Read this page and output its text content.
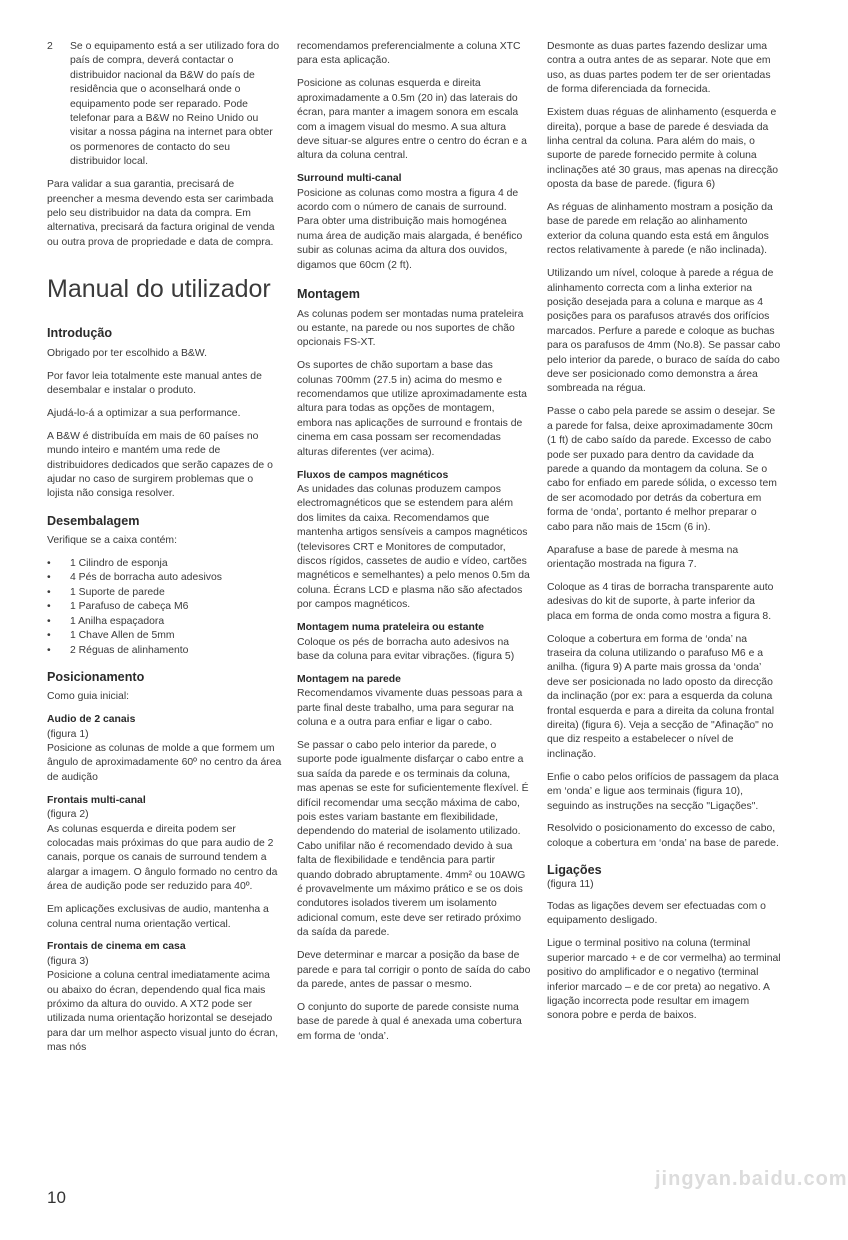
2	Se o equipamento está a ser utilizado fora do país de compra, deverá contactar o distribuidor nacional da B&W do país de residência que o aconselhará onde o equipamento pode ser reparado. Pode telefonar para a B&W no Reino Unido ou visitar a nossa página na internet para obter os pormenores de contacto do seu distribuidor local.

Para validar a sua garantia, precisará de preencher a mesma devendo esta ser carimbada pelo seu distribuidor na data da compra. Em alternativa, precisará da factura original de venda ou outra prova de propriedade e data de compra.

Manual do utilizador
Introdução

Obrigado por ter escolhido a B&W.

Por favor leia totalmente este manual antes de desembalar e instalar o produto.

Ajudá-lo-á a optimizar a sua performance.

A B&W é distribuída em mais de 60 países no mundo inteiro e mantém uma rede de distribuidores dedicados que serão capazes de o ajudar no caso de surgirem problemas que o lojista não consiga resolver.

Desembalagem

Verifique se a caixa contém:

•	1 Cilindro de esponja
•	4 Pés de borracha auto adesivos
•	1 Suporte de parede
•	1 Parafuso de cabeça M6
•	1 Anilha espaçadora
•	1 Chave Allen de 5mm
•	2 Réguas de alinhamento
Posicionamento

Como guia inicial:

Audio de 2 canais
(figura 1)

Posicione as colunas de molde a que formem um ângulo de aproximadamente 60º no centro da área de audição

Frontais multi-canal
(figura 2)

As colunas esquerda e direita podem ser colocadas mais próximas do que para audio de 2 canais, porque os canais de surround tendem a alargar a imagem. O ângulo formado no centro da área de audição pode ser reduzido para 40º.

Em aplicações exclusivas de audio, mantenha a coluna central numa orientação vertical.

Frontais de cinema em casa
(figura 3)

Posicione a coluna central imediatamente acima ou abaixo do écran, dependendo qual fica mais próximo da altura do ouvido. A XT2 pode ser utilizada numa orientação horizontal se desejado para dar um melhor aspecto visual junto do écran, mas nós

recomendamos preferencialmente a coluna XTC para esta aplicação.

Posicione as colunas esquerda e direita aproximadamente a 0.5m (20 in) das laterais do écran, para manter a imagem sonora em escala com a imagem visual do mesmo. A sua altura deve situar-se algures entre o centro do écran e a altura da coluna central.

Surround multi-canal

Posicione as colunas como mostra a figura 4 de acordo com o número de canais de surround. Para obter uma distribuição mais homogénea numa área de audição mais alargada, é benéfico subir as colunas acima da altura dos ouvidos, digamos que 60cm (2 ft).

Montagem

As colunas podem ser montadas numa prateleira ou estante, na parede ou nos suportes de chão opcionais FS-XT.

Os suportes de chão suportam a base das colunas 700mm (27.5 in) acima do mesmo e recomendamos que utilize aproximadamente esta altura para todas as opções de montagem, embora nas aplicações de surround e frontais de cinema em casa possam ser recomendadas alturas diferentes (ver acima).

Fluxos de campos magnéticos

As unidades das colunas produzem campos electromagnéticos que se estendem para além dos limites da caixa. Recomendamos que mantenha artigos sensíveis a campos magnéticos (televisores CRT e Monitores de computador, discos rígidos, cassetes de audio e vídeo, cartões magnéticos e semelhantes) a pelo menos 0.5m da coluna. Écrans LCD e plasma não são afectados por campos magnéticos.

Montagem numa prateleira ou estante

Coloque os pés de borracha auto adesivos na base da coluna para evitar vibrações. (figura 5)

Montagem na parede

Recomendamos vivamente duas pessoas para a parte final deste trabalho, uma para segurar na coluna e a outra para enfiar e ligar o cabo.

Se passar o cabo pelo interior da parede, o suporte pode igualmente disfarçar o cabo entre a sua saída da parede e os terminais da coluna, mas apenas se este for suficientemente flexível. É difícil recomendar uma secção máxima de cabo, pois estes variam bastante em flexibilidade, dependendo do material de isolamento utilizado. Cabo unifilar não é recomendado devido à sua falta de flexibilidade e tendência para partir quando dobrado abruptamente. 4mm² ou 10AWG é provavelmente um máximo prático e se os dois condutores isolados tiverem um isolamento adicional comum, este deve ser retirado próximo da saída da parede.

Deve determinar e marcar a posição da base de parede e para tal corrigir o ponto de saída do cabo da parede, antes de passar o mesmo.

O conjunto do suporte de parede consiste numa base de parede à qual é anexada uma cobertura em forma de ‘onda’.

Desmonte as duas partes fazendo deslizar uma contra a outra antes de as separar. Note que em uso, as duas partes podem ter de ser orientadas de forma diferenciada da fornecida.

Existem duas réguas de alinhamento (esquerda e direita), porque a base de parede é desviada da linha central da coluna. Para além do mais, o suporte de parede fornecido permite à coluna inclinações até 30 graus, mas apenas na direcção oposta da base de parede. (figura 6)

As réguas de alinhamento mostram a posição da base de parede em relação ao alinhamento exterior da coluna quando esta está em ângulos rectos relativamente à parede (e não inclinada).

Utilizando um nível, coloque à parede a régua de alinhamento correcta com a linha exterior na posição desejada para a coluna e marque as 4 posições para os parafusos através dos orifícios marcados. Perfure a parede e coloque as buchas para os parafusos de 4mm (No.8). Se passar cabo pelo interior da parede, o buraco de saída do cabo deve ser posicionado como demonstra a área sombreada na régua.

Passe o cabo pela parede se assim o desejar. Se a parede for falsa, deixe aproximadamente 30cm (1 ft) de cabo saído da parede. Excesso de cabo pode ser puxado para dentro da cavidade da parede a quando da montagem da coluna. Se o cabo for enfiado em parede sólida, o excesso tem de ser acomodado por detrás da cobertura em forma de ‘onda’, portanto é melhor preparar o cabo para não mais de 15cm (6 in).

Aparafuse a base de parede à mesma na orientação mostrada na figura 7.

Coloque as 4 tiras de borracha transparente auto adesivas do kit de suporte, à parte inferior da placa em forma de onda como mostra a figura 8.

Coloque a cobertura em forma de ‘onda’ na traseira da coluna utilizando o parafuso M6 e a anilha. (figura 9) A parte mais grossa da ‘onda’ deve ser posicionada no lado oposto da direcção da inclinação (por ex: para a esquerda da coluna frontal esquerda e para a direita da coluna frontal direita) (figura 6). Veja a secção de "Afinação" no que diz respeito a estabelecer o nível de inclinação.

Enfie o cabo pelos orifícios de passagem da placa em ‘onda’ e ligue aos terminais (figura 10), seguindo as instruções na secção "Ligações".

Resolvido o posicionamento do excesso de cabo, coloque a cobertura em ‘onda’ na base de parede.

Ligações
(figura 11)

Todas as ligações devem ser efectuadas com o equipamento desligado.

Ligue o terminal positivo na coluna (terminal superior marcado + e de cor vermelha) ao terminal positivo do amplificador e o negativo (terminal inferior marcado – e de cor preta) ao negativo. A ligação incorrecta pode resultar em imagem sonora pobre e perda de baixos.

10
jingyan.baidu.com
